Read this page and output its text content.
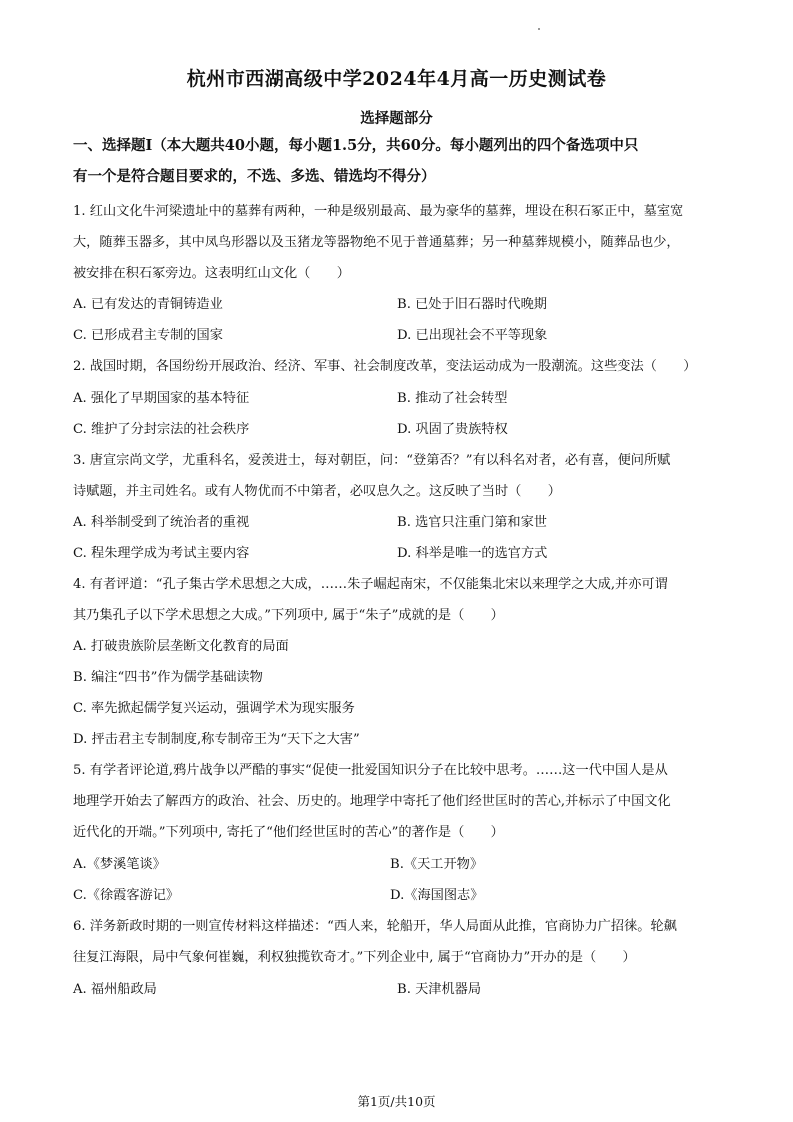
杭州市西湖高级中学2024年4月高一历史测试卷
选择题部分
一、选择题Ⅰ（本大题共40小题，每小题1.5分，共60分。每小题列出的四个备选项中只
有一个是符合题目要求的，不选、多选、错选均不得分）
1. 红山文化牛河梁遗址中的墓葬有两种，一种是级别最高、最为豪华的墓葬，埋设在积石冢正中，墓室宽
大，随葬玉器多，其中凤鸟形器以及玉猪龙等器物绝不见于普通墓葬；另一种墓葬规模小，随葬品也少，
被安排在积石冢旁边。这表明红山文化（　　）
A. 已有发达的青铜铸造业	B. 已处于旧石器时代晚期
C. 已形成君主专制的国家	D. 已出现社会不平等现象
2. 战国时期，各国纷纷开展政治、经济、军事、社会制度改革，变法运动成为一股潮流。这些变法（　　）
A. 强化了早期国家的基本特征	B. 推动了社会转型
C. 维护了分封宗法的社会秩序	D. 巩固了贵族特权
3. 唐宣宗尚文学，尤重科名，爱羡进士，每对朝臣，问：“登第否？”有以科名对者，必有喜，便问所赋
诗赋题，并主司姓名。或有人物优而不中第者，必叹息久之。这反映了当时（　　）
A. 科举制受到了统治者的重视	B. 选官只注重门第和家世
C. 程朱理学成为考试主要内容	D. 科举是唯一的选官方式
4. 有者评道：“孔子集古学术思想之大成，……朱子崛起南宋，不仅能集北宋以来理学之大成,并亦可谓
其乃集孔子以下学术思想之大成。”下列项中, 属于“朱子”成就的是（　　）
A. 打破贵族阶层垄断文化教育的局面
B. 编注“四书”作为儒学基础读物
C. 率先掀起儒学复兴运动，强调学术为现实服务
D. 抨击君主专制制度,称专制帝王为“天下之大害”
5. 有学者评论道,鸦片战争以严酷的事实“促使一批爱国知识分子在比较中思考。……这一代中国人是从
地理学开始去了解西方的政治、社会、历史的。地理学中寄托了他们经世匡时的苦心,并标示了中国文化
近代化的开端。”下列项中, 寄托了“他们经世匡时的苦心”的著作是（　　）
A.《梦溪笔谈》	B.《天工开物》
C.《徐霞客游记》	D.《海国图志》
6. 洋务新政时期的一则宣传材料这样描述：“西人来，轮船开，华人局面从此推，官商协力广招徕。轮飙
往复江海限，局中气象何崔巍，利权独揽钦奇才。”下列企业中, 属于“官商协力”开办的是（　　）
A. 福州船政局	B. 天津机器局
第1页/共10页
